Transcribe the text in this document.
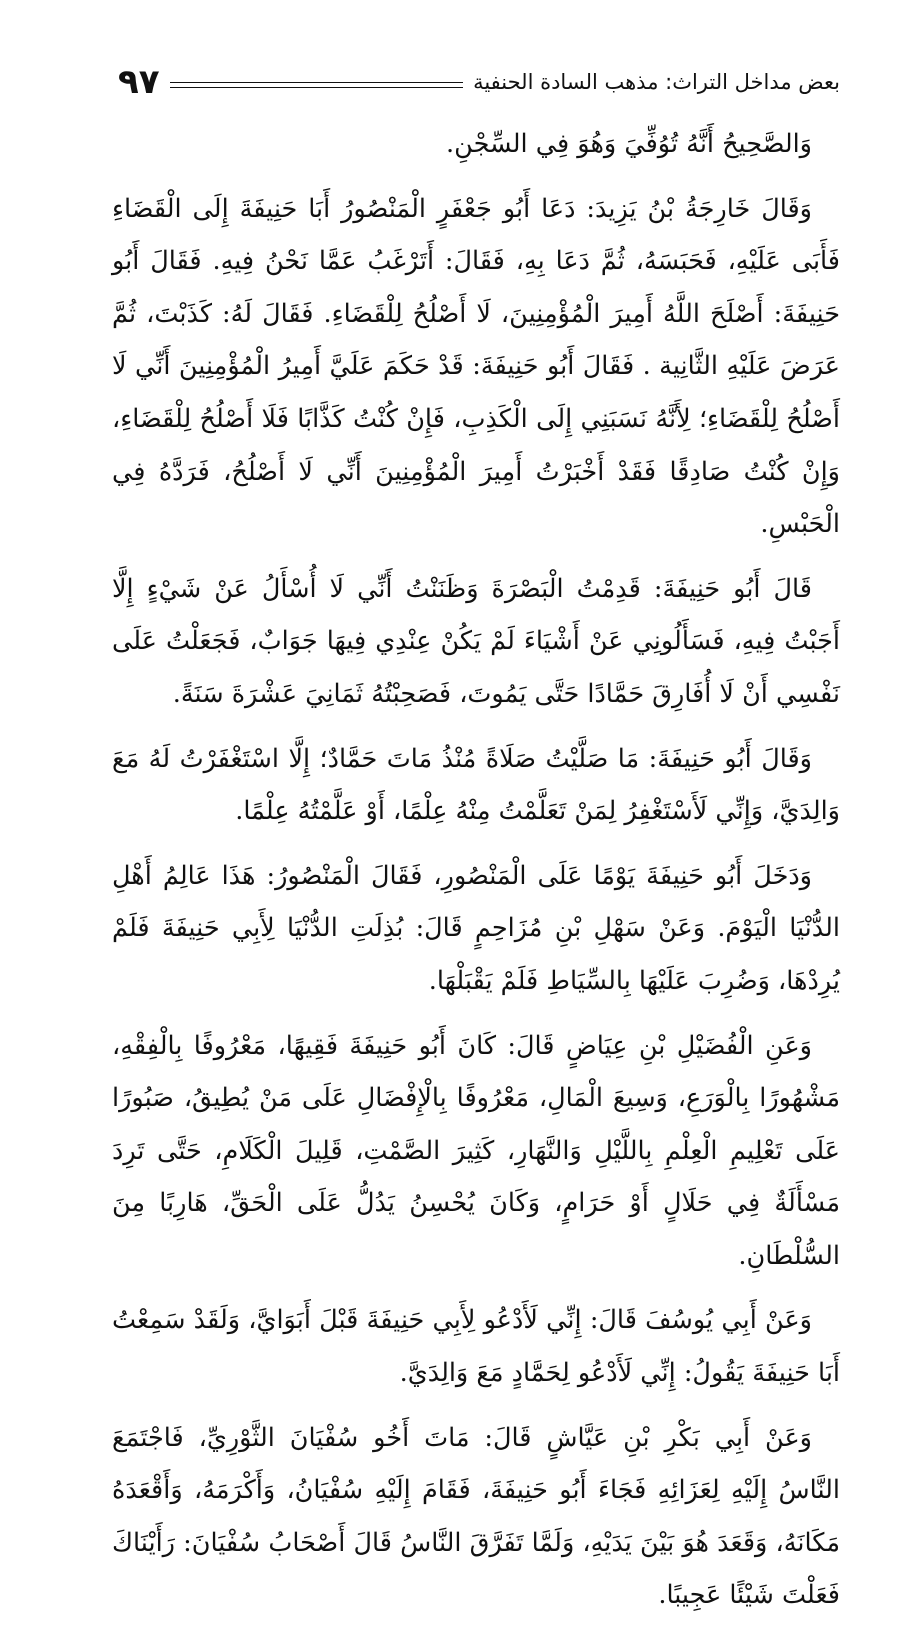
بعض مداخل التراث: مذهب السادة الحنفية
٩٧

وَالصَّحِيحُ أَنَّهُ تُوُفِّيَ وَهُوَ فِي السِّجْنِ.

وَقَالَ خَارِجَةُ بْنُ يَزِيدَ: دَعَا أَبُو جَعْفَرٍ الْمَنْصُورُ أَبَا حَنِيفَةَ إِلَى الْقَضَاءِ فَأَبَى عَلَيْهِ، فَحَبَسَهُ، ثُمَّ دَعَا بِهِ، فَقَالَ: أَتَرْغَبُ عَمَّا نَحْنُ فِيهِ. فَقَالَ أَبُو حَنِيفَةَ: أَصْلَحَ اللَّهُ أَمِيرَ الْمُؤْمِنِينَ، لَا أَصْلُحُ لِلْقَضَاءِ. فَقَالَ لَهُ: كَذَبْتَ، ثُمَّ عَرَضَ عَلَيْهِ الثَّانِية . فَقَالَ أَبُو حَنِيفَةَ: قَدْ حَكَمَ عَلَيَّ أَمِيرُ الْمُؤْمِنِينَ أَنِّي لَا أَصْلُحُ لِلْقَضَاءِ؛ لِأَنَّهُ نَسَبَنِي إِلَى الْكَذِبِ، فَإِنْ كُنْتُ كَذَّابًا فَلَا أَصْلُحُ لِلْقَضَاءِ، وَإِنْ كُنْتُ صَادِقًا فَقَدْ أَخْبَرْتُ أَمِيرَ الْمُؤْمِنِينَ أَنِّي لَا أَصْلُحُ، فَرَدَّهُ فِي الْحَبْسِ.

قَالَ أَبُو حَنِيفَةَ: قَدِمْتُ الْبَصْرَةَ وَظَنَنْتُ أَنِّي لَا أُسْأَلُ عَنْ شَيْءٍ إِلَّا أَجَبْتُ فِيهِ، فَسَأَلُونِي عَنْ أَشْيَاءَ لَمْ يَكُنْ عِنْدِي فِيهَا جَوَابٌ، فَجَعَلْتُ عَلَى نَفْسِي أَنْ لَا أُفَارِقَ حَمَّادًا حَتَّى يَمُوتَ، فَصَحِبْتُهُ ثَمَانِيَ عَشْرَةَ سَنَةً.

وَقَالَ أَبُو حَنِيفَةَ: مَا صَلَّيْتُ صَلَاةً مُنْذُ مَاتَ حَمَّادٌ؛ إِلَّا اسْتَغْفَرْتُ لَهُ مَعَ وَالِدَيَّ، وَإِنِّي لَأَسْتَغْفِرُ لِمَنْ تَعَلَّمْتُ مِنْهُ عِلْمًا، أَوْ عَلَّمْتُهُ عِلْمًا.

وَدَخَلَ أَبُو حَنِيفَةَ يَوْمًا عَلَى الْمَنْصُورِ، فَقَالَ الْمَنْصُورُ: هَذَا عَالِمُ أَهْلِ الدُّنْيَا الْيَوْمَ. وَعَنْ سَهْلِ بْنِ مُزَاحِمٍ قَالَ: بُذِلَتِ الدُّنْيَا لِأَبِي حَنِيفَةَ فَلَمْ يُرِدْهَا، وَضُرِبَ عَلَيْهَا بِالسِّيَاطِ فَلَمْ يَقْبَلْهَا.

وَعَنِ الْفُضَيْلِ بْنِ عِيَاضٍ قَالَ: كَانَ أَبُو حَنِيفَةَ فَقِيهًا، مَعْرُوفًا بِالْفِقْهِ، مَشْهُورًا بِالْوَرَعِ، وَسِيعَ الْمَالِ، مَعْرُوفًا بِالْإِفْضَالِ عَلَى مَنْ يُطِيقُ، صَبُورًا عَلَى تَعْلِيمِ الْعِلْمِ بِاللَّيْلِ وَالنَّهَارِ، كَثِيرَ الصَّمْتِ، قَلِيلَ الْكَلَامِ، حَتَّى تَرِدَ مَسْأَلَةٌ فِي حَلَالٍ أَوْ حَرَامٍ، وَكَانَ يُحْسِنُ يَدُلُّ عَلَى الْحَقِّ، هَارِبًا مِنَ السُّلْطَانِ.

وَعَنْ أَبِي يُوسُفَ قَالَ: إِنِّي لَأَدْعُو لِأَبِي حَنِيفَةَ قَبْلَ أَبَوَايَّ، وَلَقَدْ سَمِعْتُ أَبَا حَنِيفَةَ يَقُولُ: إِنِّي لَأَدْعُو لِحَمَّادٍ مَعَ وَالِدَيَّ.

وَعَنْ أَبِي بَكْرِ بْنِ عَيَّاشٍ قَالَ: مَاتَ أَخُو سُفْيَانَ الثَّوْرِيِّ، فَاجْتَمَعَ النَّاسُ إِلَيْهِ لِعَزَائِهِ فَجَاءَ أَبُو حَنِيفَةَ، فَقَامَ إِلَيْهِ سُفْيَانُ، وَأَكْرَمَهُ، وَأَقْعَدَهُ مَكَانَهُ، وَقَعَدَ هُوَ بَيْنَ يَدَيْهِ، وَلَمَّا تَفَرَّقَ النَّاسُ قَالَ أَصْحَابُ سُفْيَانَ: رَأَيْنَاكَ فَعَلْتَ شَيْئًا عَجِيبًا.
